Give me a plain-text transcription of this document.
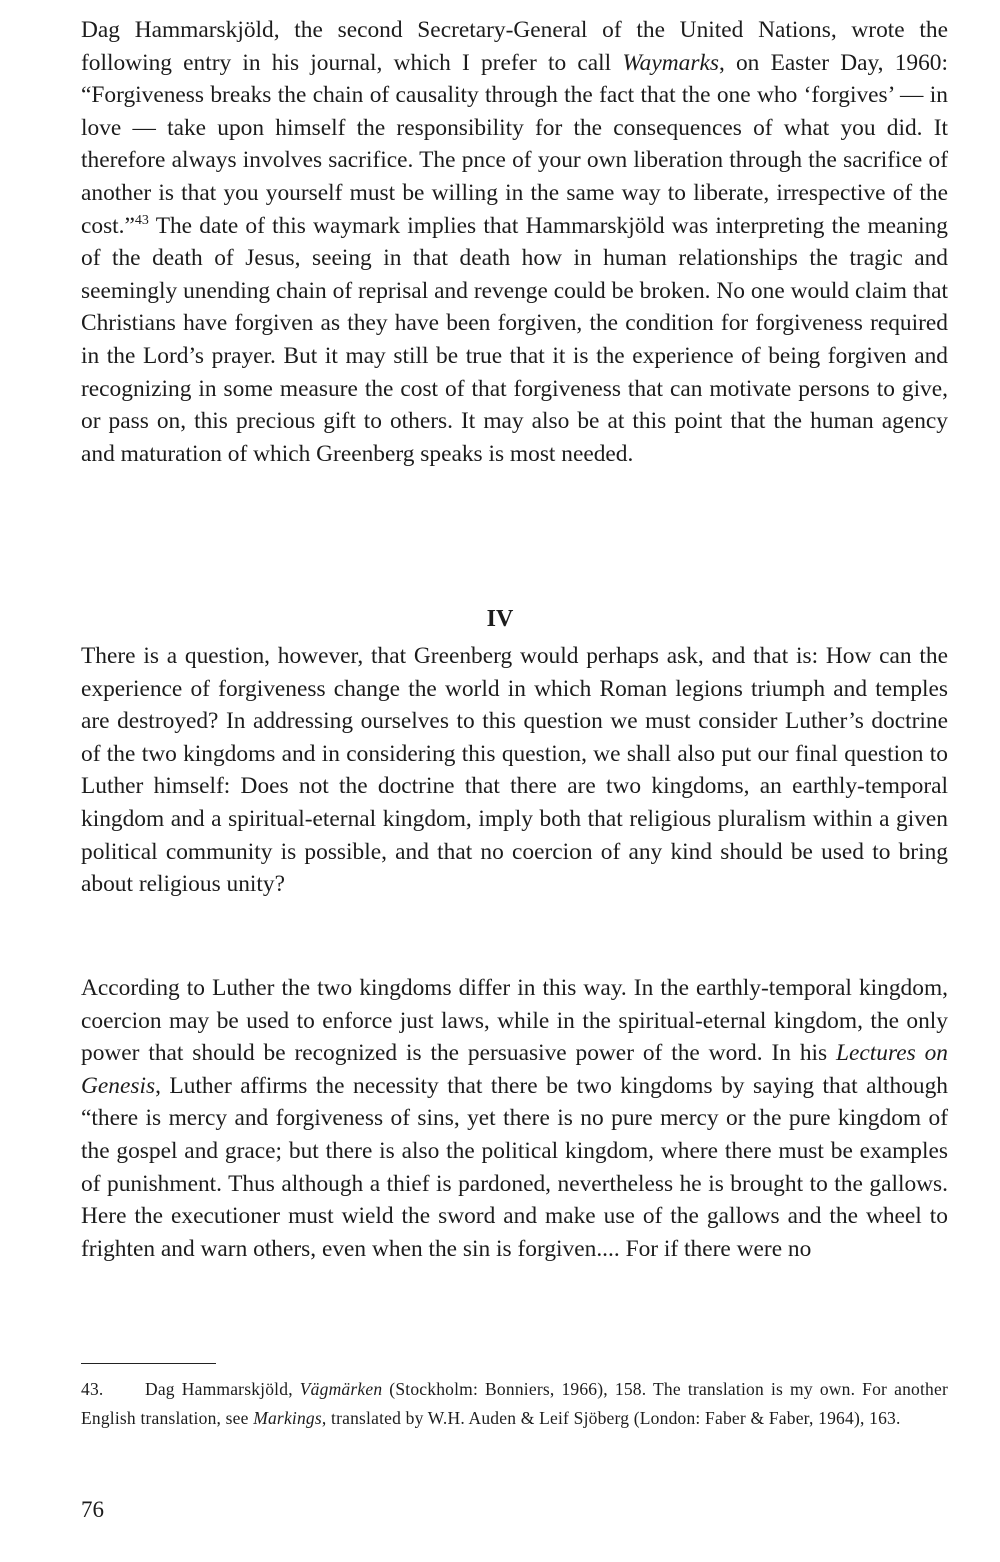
Dag Hammarskjöld, the second Secretary-General of the United Nations, wrote the following entry in his journal, which I prefer to call Waymarks, on Easter Day, 1960: “Forgiveness breaks the chain of causality through the fact that the one who ‘forgives’ — in love — take upon himself the responsibility for the consequences of what you did. It therefore always involves sacrifice. The pnce of your own liberation through the sacrifice of another is that you yourself must be willing in the same way to liberate, irrespective of the cost.”$^{43}$ The date of this waymark implies that Hammarskjöld was interpreting the meaning of the death of Jesus, seeing in that death how in human relationships the tragic and seemingly unending chain of reprisal and revenge could be broken. No one would claim that Christians have forgiven as they have been forgiven, the condition for forgiveness required in the Lord’s prayer. But it may still be true that it is the experience of being forgiven and recognizing in some measure the cost of that forgiveness that can motivate persons to give, or pass on, this precious gift to others. It may also be at this point that the human agency and maturation of which Greenberg speaks is most needed.

IV

There is a question, however, that Greenberg would perhaps ask, and that is: How can the experience of forgiveness change the world in which Roman legions triumph and temples are destroyed? In addressing ourselves to this question we must consider Luther’s doctrine of the two kingdoms and in considering this question, we shall also put our final question to Luther himself: Does not the doctrine that there are two kingdoms, an earthly-temporal kingdom and a spiritual-eternal kingdom, imply both that religious pluralism within a given political community is possible, and that no coercion of any kind should be used to bring about religious unity?

According to Luther the two kingdoms differ in this way. In the earthly-temporal kingdom, coercion may be used to enforce just laws, while in the spiritual-eternal kingdom, the only power that should be recognized is the persuasive power of the word. In his Lectures on Genesis, Luther affirms the necessity that there be two kingdoms by saying that although “there is mercy and forgiveness of sins, yet there is no pure mercy or the pure kingdom of the gospel and grace; but there is also the political kingdom, where there must be examples of punishment. Thus although a thief is pardoned, nevertheless he is brought to the gallows. Here the executioner must wield the sword and make use of the gallows and the wheel to frighten and warn others, even when the sin is forgiven.... For if there were no

43. Dag Hammarskjöld, Vägmärken (Stockholm: Bonniers, 1966), 158. The translation is my own. For another English translation, see Markings, translated by W.H. Auden & Leif Sjöberg (London: Faber & Faber, 1964), 163.

76
